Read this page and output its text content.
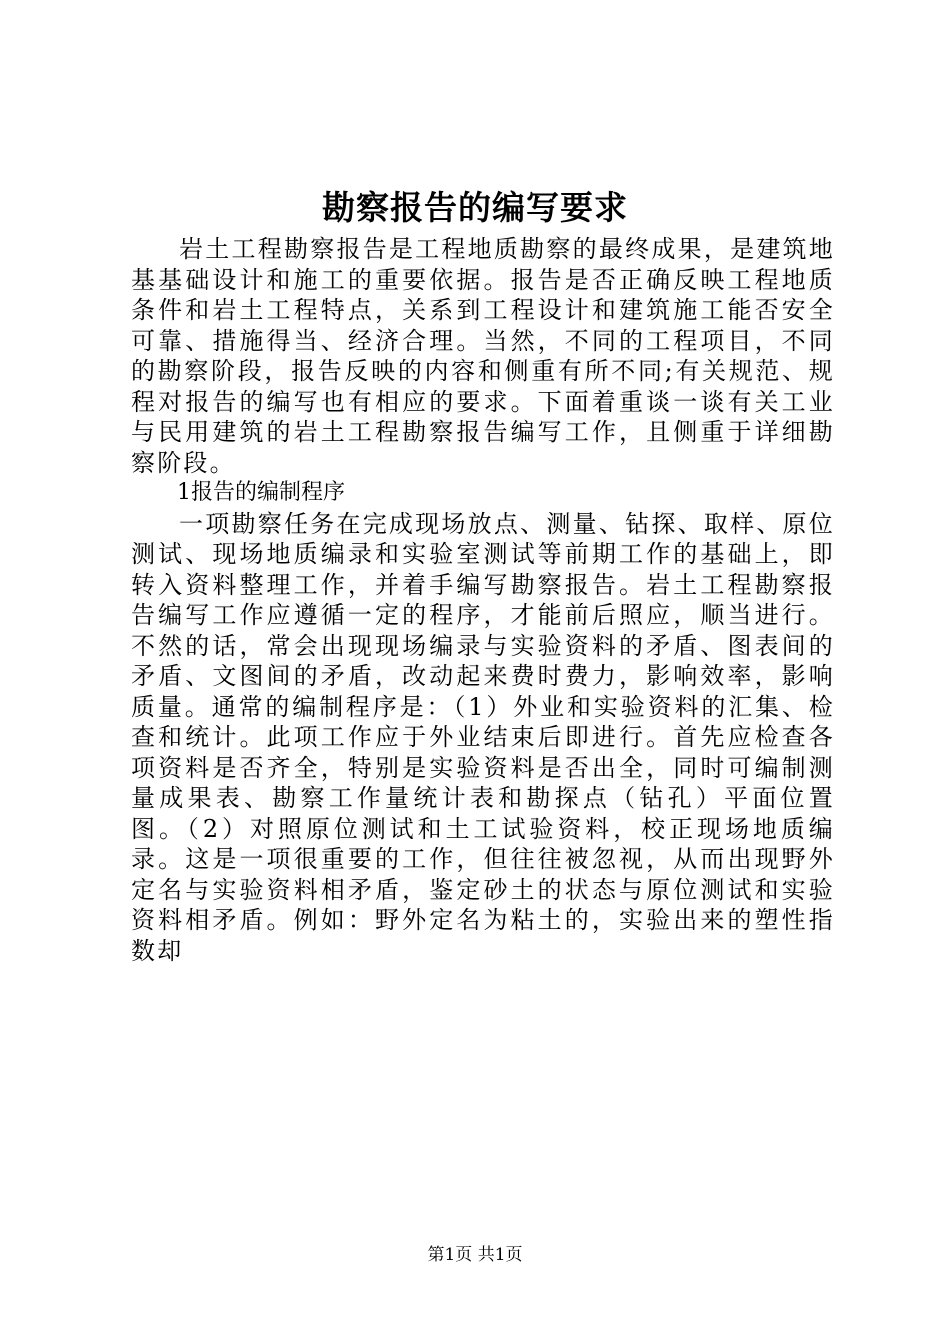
勘察报告的编写要求

岩土工程勘察报告是工程地质勘察的最终成果，是建筑地基基础设计和施工的重要依据。报告是否正确反映工程地质条件和岩土工程特点，关系到工程设计和建筑施工能否安全可靠、措施得当、经济合理。当然，不同的工程项目，不同的勘察阶段，报告反映的内容和侧重有所不同;有关规范、规程对报告的编写也有相应的要求。下面着重谈一谈有关工业与民用建筑的岩土工程勘察报告编写工作，且侧重于详细勘察阶段。

1报告的编制程序

一项勘察任务在完成现场放点、测量、钻探、取样、原位测试、现场地质编录和实验室测试等前期工作的基础上，即转入资料整理工作，并着手编写勘察报告。岩土工程勘察报告编写工作应遵循一定的程序，才能前后照应，顺当进行。不然的话，常会出现现场编录与实验资料的矛盾、图表间的矛盾、文图间的矛盾，改动起来费时费力，影响效率，影响质量。通常的编制程序是：（1）外业和实验资料的汇集、检查和统计。此项工作应于外业结束后即进行。首先应检查各项资料是否齐全，特别是实验资料是否出全，同时可编制测量成果表、勘察工作量统计表和勘探点（钻孔）平面位置图。（2）对照原位测试和土工试验资料，校正现场地质编录。这是一项很重要的工作，但往往被忽视，从而出现野外定名与实验资料相矛盾，鉴定砂土的状态与原位测试和实验资料相矛盾。例如：野外定名为粘土的，实验出来的塑性指数却

第1页 共1页
